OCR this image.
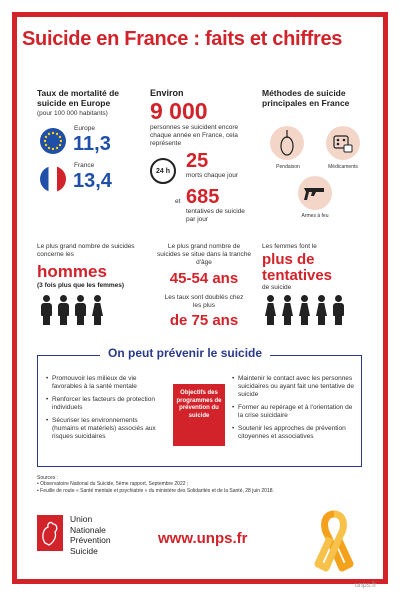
Suicide en France : faits et chiffres
Taux de mortalité de suicide en Europe
(pour 100 000 habitants)
Europe
11,3
France
13,4
Environ
9 000
personnes se suicident encore chaque année en France, cela représente
24 h 25
morts chaque jour
et 685
tentatives de suicide par jour
Méthodes de suicide principales en France
Pendaison	Médicaments
Armes à feu
Le plus grand nombre de suicides concerne les
hommes
(3 fois plus que les femmes)
Le plus grand nombre de suicides se situe dans la tranche d'âge
45-54 ans
Les taux sont doublés chez les plus
de 75 ans
Les femmes font le
plus de tentatives
de suicide
On peut prévenir le suicide
• Promouvoir les milieux de vie favorables à la santé mentale
• Renforcer les facteurs de protection individuels
• Sécuriser les environnements (humains et matériels) associés aux risques suicidaires
Objectifs des programmes de prévention du suicide
• Maintenir le contact avec les personnes suicidaires ou ayant fait une tentative de suicide
• Former au repérage et à l'orientation de la crise suicidaire
• Soutenir les approches de prévention citoyennes et associatives
Sources :
• Observatoire National du Suicide, 5ème rapport, Septembre 2022 ;
• Feuille de route « Santé mentale et psychiatrie » du ministère des Solidarités et de la Santé, 28 juin 2018.
Union
Nationale
Prévention
Suicide
www.unps.fr
unps.fr
